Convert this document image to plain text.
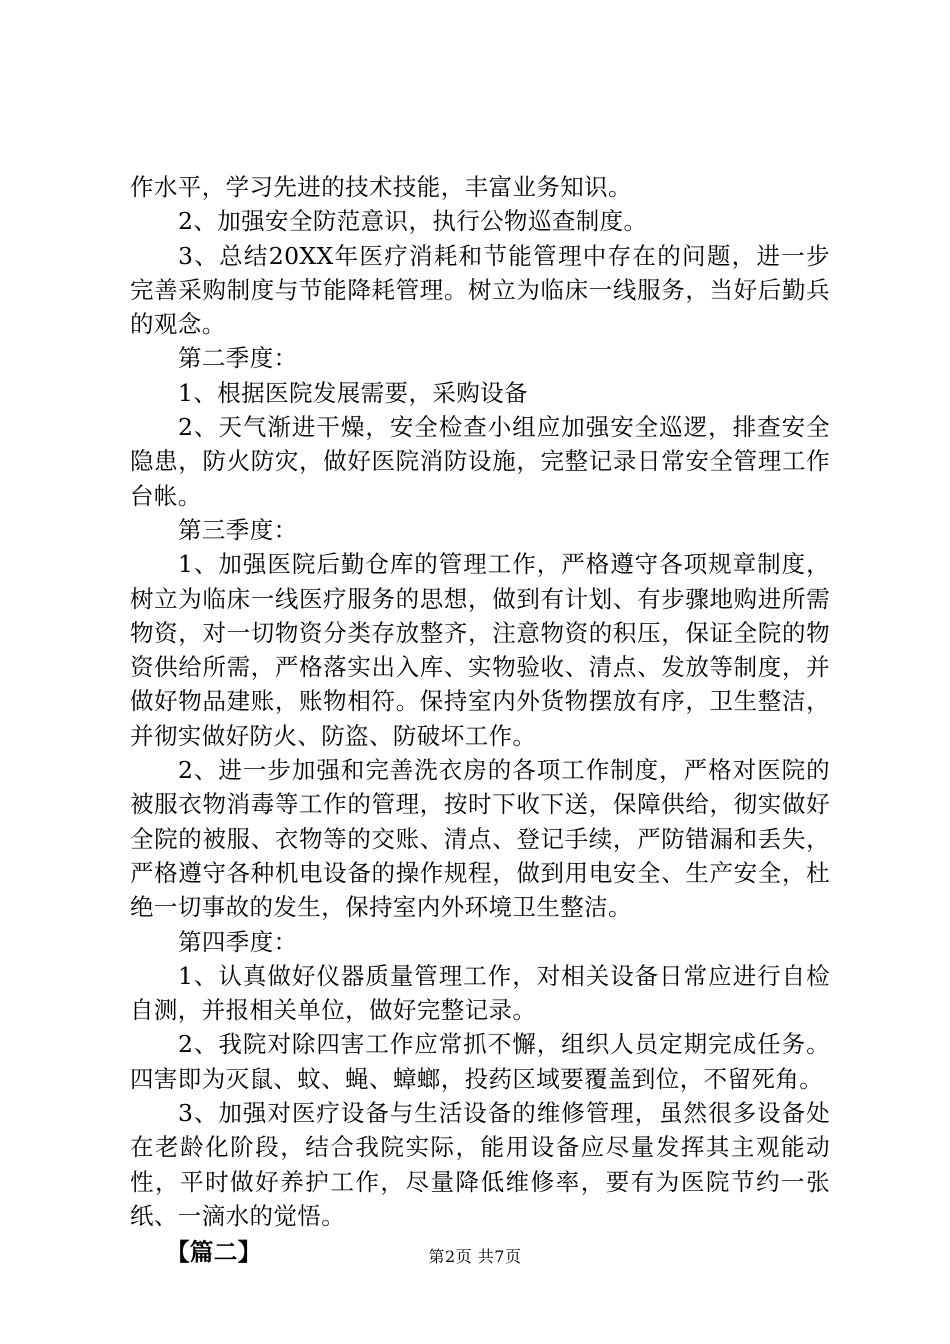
作水平，学习先进的技术技能，丰富业务知识。

2、加强安全防范意识，执行公物巡查制度。

3、总结20XX年医疗消耗和节能管理中存在的问题，进一步完善采购制度与节能降耗管理。树立为临床一线服务，当好后勤兵的观念。

第二季度：

1、根据医院发展需要，采购设备

2、天气渐进干燥，安全检查小组应加强安全巡逻，排查安全隐患，防火防灾，做好医院消防设施，完整记录日常安全管理工作台帐。

第三季度：

1、加强医院后勤仓库的管理工作，严格遵守各项规章制度，树立为临床一线医疗服务的思想，做到有计划、有步骤地购进所需物资，对一切物资分类存放整齐，注意物资的积压，保证全院的物资供给所需，严格落实出入库、实物验收、清点、发放等制度，并做好物品建账，账物相符。保持室内外货物摆放有序，卫生整洁，并彻实做好防火、防盗、防破坏工作。

2、进一步加强和完善洗衣房的各项工作制度，严格对医院的被服衣物消毒等工作的管理，按时下收下送，保障供给，彻实做好全院的被服、衣物等的交账、清点、登记手续，严防错漏和丢失，严格遵守各种机电设备的操作规程，做到用电安全、生产安全，杜绝一切事故的发生，保持室内外环境卫生整洁。

第四季度：

1、认真做好仪器质量管理工作，对相关设备日常应进行自检自测，并报相关单位，做好完整记录。

2、我院对除四害工作应常抓不懈，组织人员定期完成任务。四害即为灭鼠、蚊、蝇、蟑螂，投药区域要覆盖到位，不留死角。

3、加强对医疗设备与生活设备的维修管理，虽然很多设备处在老龄化阶段，结合我院实际，能用设备应尽量发挥其主观能动性，平时做好养护工作，尽量降低维修率，要有为医院节约一张纸、一滴水的觉悟。

【篇二】	第2页 共7页
